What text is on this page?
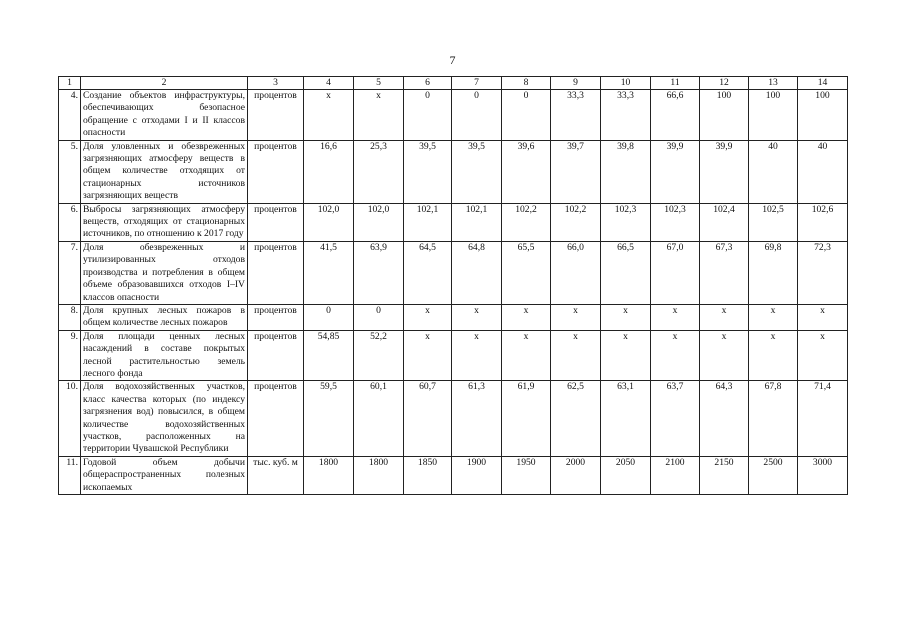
7
1	2	3	4	5	6	7	8	9	10	11	12	13	14
4.	Создание объектов инфраструктуры, обеспечивающих безопасное обращение с отходами I и II классов опасности	процентов	x	x	0	0	0	33,3	33,3	66,6	100	100	100
5.	Доля уловленных и обезвреженных загрязняющих атмосферу веществ в общем количестве отходящих от стационарных источников загрязняющих веществ	процентов	16,6	25,3	39,5	39,5	39,6	39,7	39,8	39,9	39,9	40	40
6.	Выбросы загрязняющих атмосферу веществ, отходящих от стационарных источников, по отношению к 2017 году	процентов	102,0	102,0	102,1	102,1	102,2	102,2	102,3	102,3	102,4	102,5	102,6
7.	Доля обезвреженных и утилизированных отходов производства и потребления в общем объеме образовавшихся отходов I–IV классов опасности	процентов	41,5	63,9	64,5	64,8	65,5	66,0	66,5	67,0	67,3	69,8	72,3
8.	Доля крупных лесных пожаров в общем количестве лесных пожаров	процентов	0	0	x	x	x	x	x	x	x	x	x
9.	Доля площади ценных лесных насаждений в составе покрытых лесной растительностью земель лесного фонда	процентов	54,85	52,2	x	x	x	x	x	x	x	x	x
10.	Доля водохозяйственных участков, класс качества которых (по индексу загрязнения вод) повысился, в общем количестве водохозяйственных участков, расположенных на территории Чувашской Республики	процентов	59,5	60,1	60,7	61,3	61,9	62,5	63,1	63,7	64,3	67,8	71,4
11.	Годовой объем добычи общераспространенных полезных ископаемых	тыс. куб. м	1800	1800	1850	1900	1950	2000	2050	2100	2150	2500	3000
